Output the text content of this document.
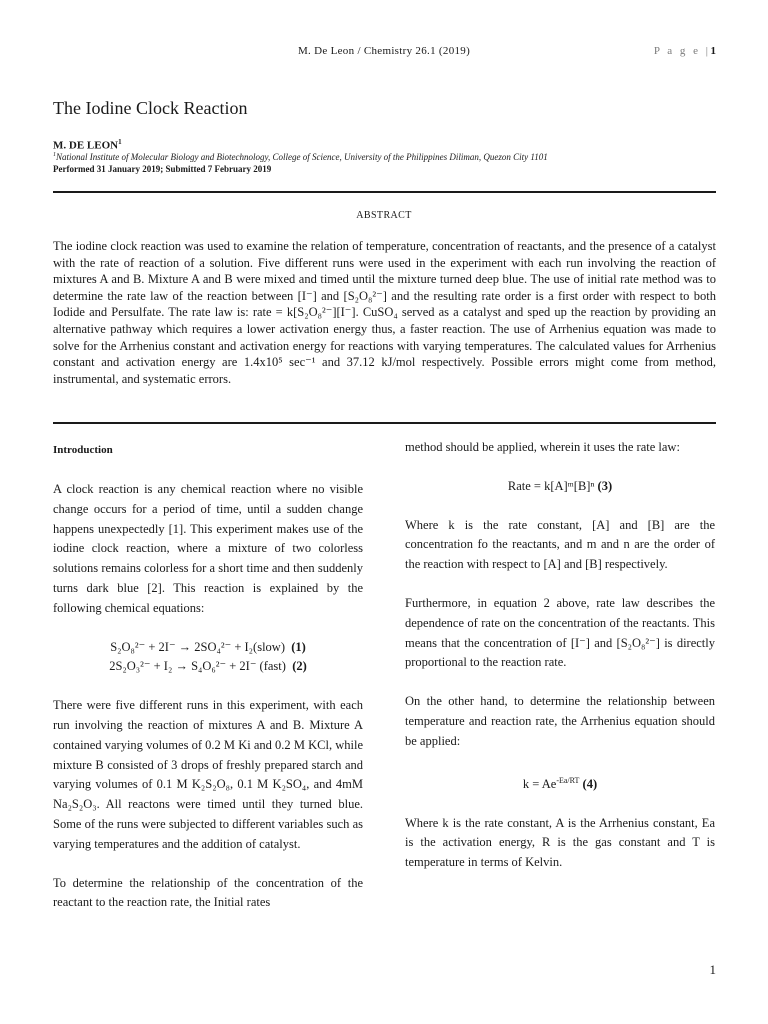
M. De Leon / Chemistry 26.1 (2019)	P a g e |1
The Iodine Clock Reaction
M. DE LEON$^1$
$^1$National Institute of Molecular Biology and Biotechnology, College of Science, University of the Philippines Diliman, Quezon City 1101
Performed 31 January 2019; Submitted 7 February 2019
ABSTRACT
The iodine clock reaction was used to examine the relation of temperature, concentration of reactants, and the presence of a catalyst with the rate of reaction of a solution. Five different runs were used in the experiment with each run involving the reaction of mixtures A and B. Mixture A and B were mixed and timed until the mixture turned deep blue. The use of initial rate method was to determine the rate law of the reaction between [I⁻] and [S₂O₈²⁻] and the resulting rate order is a first order with respect to both Iodide and Persulfate. The rate law is: rate = k[S₂O₈²⁻][I⁻]. CuSO₄ served as a catalyst and sped up the reaction by providing an alternative pathway which requires a lower activation energy thus, a faster reaction. The use of Arrhenius equation was made to solve for the Arrhenius constant and activation energy for reactions with varying temperatures. The calculated values for Arrhenius constant and activation energy are 1.4x10⁵ sec⁻¹ and 37.12 kJ/mol respectively. Possible errors might come from method, instrumental, and systematic errors.

Introduction

A clock reaction is any chemical reaction where no visible change occurs for a period of time, until a sudden change happens unexpectedly [1]. This experiment makes use of the iodine clock reaction, where a mixture of two colorless solutions remains colorless for a short time and then suddenly turns dark blue [2]. This reaction is explained by the following chemical equations:

S₂O₈²⁻ + 2I⁻ → 2SO₄²⁻ + I₂(slow) (1)

2S₂O₃²⁻ + I₂ → S₄O₆²⁻ + 2I⁻ (fast) (2)

There were five different runs in this experiment, with each run involving the reaction of mixtures A and B. Mixture A contained varying volumes of 0.2 M Ki and 0.2 M KCl, while mixture B consisted of 3 drops of freshly prepared starch and varying volumes of 0.1 M K₂S₂O₈, 0.1 M K₂SO₄, and 4mM Na₂S₂O₃. All reactons were timed until they turned blue. Some of the runs were subjected to different variables such as varying temperatures and the addition of catalyst.

To determine the relationship of the concentration of the reactant to the reaction rate, the Initial rates

method should be applied, wherein it uses the rate law:

Rate = k[A]ᵐ[B]ⁿ (3)

Where k is the rate constant, [A] and [B] are the concentration fo the reactants, and m and n are the order of the reaction with respect to [A] and [B] respectively.

Furthermore, in equation 2 above, rate law describes the dependence of rate on the concentration of the reactants. This means that the concentration of [I⁻] and [S₂O₈²⁻] is directly proportional to the reaction rate.

On the other hand, to determine the relationship between temperature and reaction rate, the Arrhenius equation should be applied:

$k = Ae^{-Ea/RT}$ (4)

Where k is the rate constant, A is the Arrhenius constant, Ea is the activation energy, R is the gas constant and T is temperature in terms of Kelvin.

1
